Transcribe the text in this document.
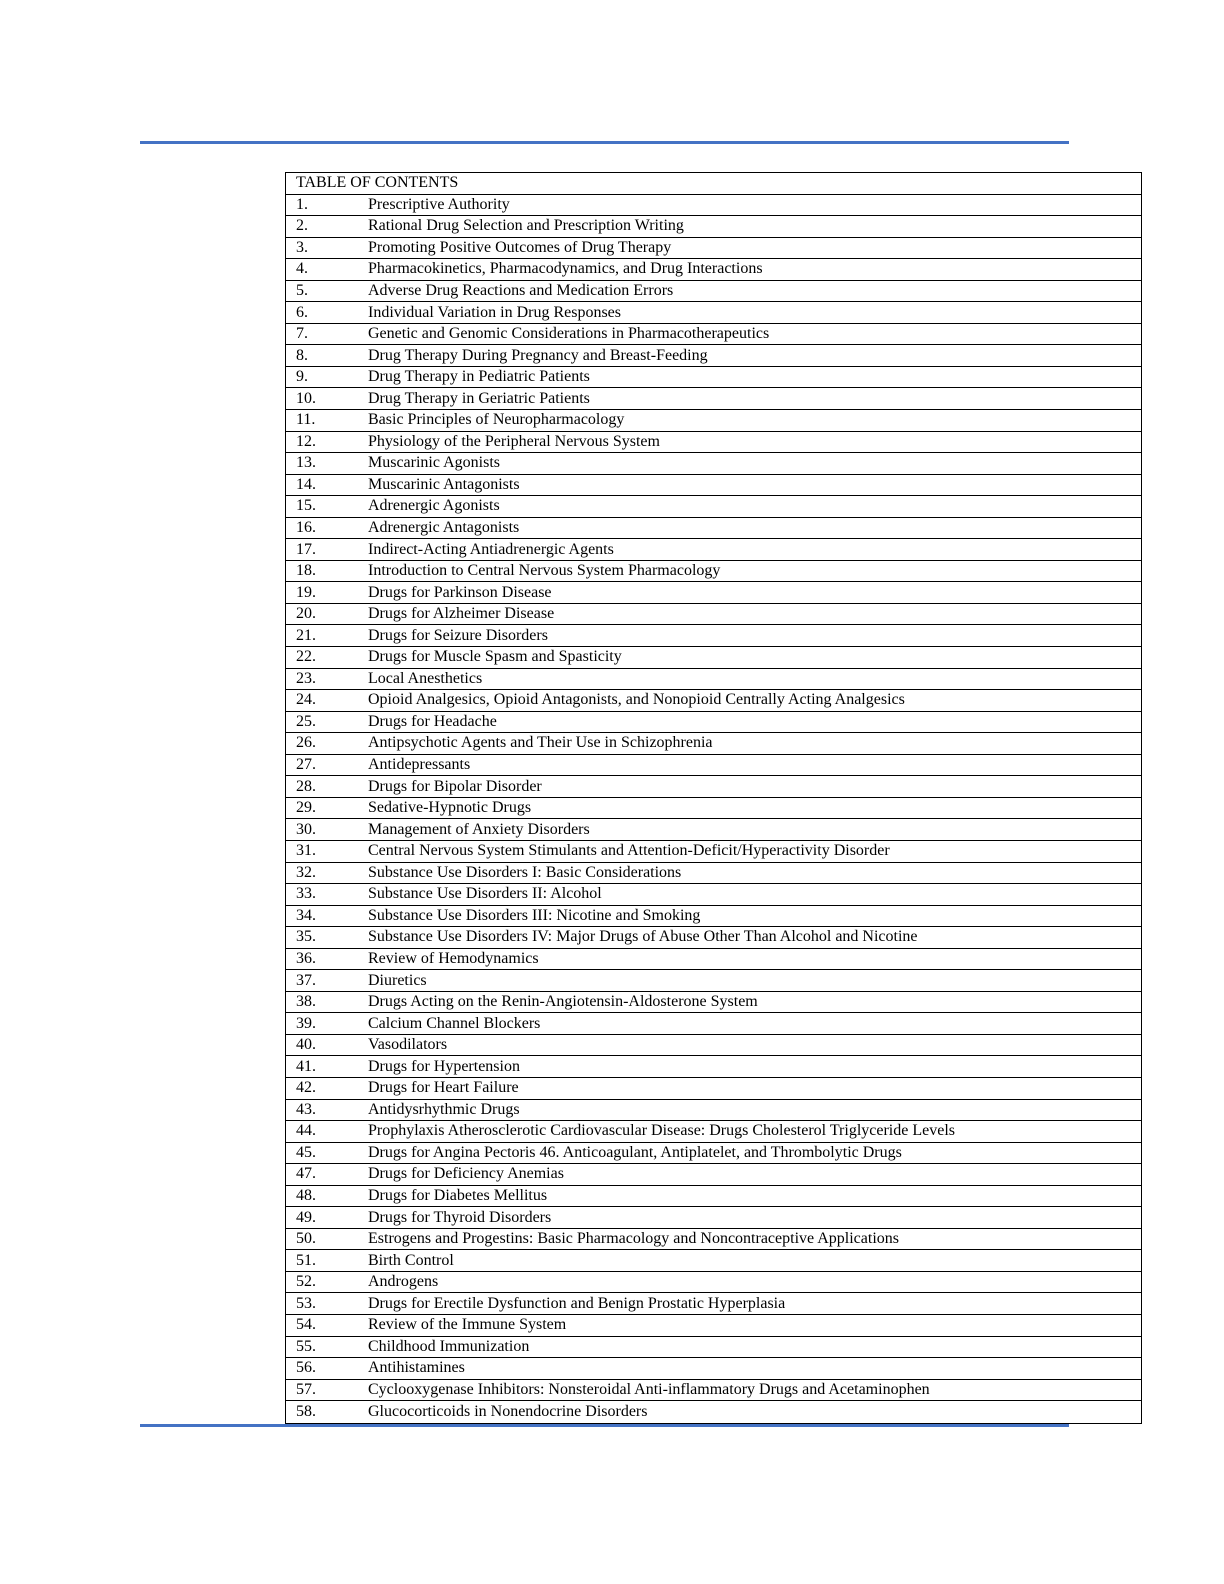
TABLE OF CONTENTS
1.	Prescriptive Authority
2.	Rational Drug Selection and Prescription Writing
3.	Promoting Positive Outcomes of Drug Therapy
4.	Pharmacokinetics, Pharmacodynamics, and Drug Interactions
5.	Adverse Drug Reactions and Medication Errors
6.	Individual Variation in Drug Responses
7.	Genetic and Genomic Considerations in Pharmacotherapeutics
8.	Drug Therapy During Pregnancy and Breast-Feeding
9.	Drug Therapy in Pediatric Patients
10.	Drug Therapy in Geriatric Patients
11.	Basic Principles of Neuropharmacology
12.	Physiology of the Peripheral Nervous System
13.	Muscarinic Agonists
14.	Muscarinic Antagonists
15.	Adrenergic Agonists
16.	Adrenergic Antagonists
17.	Indirect-Acting Antiadrenergic Agents
18.	Introduction to Central Nervous System Pharmacology
19.	Drugs for Parkinson Disease
20.	Drugs for Alzheimer Disease
21.	Drugs for Seizure Disorders
22.	Drugs for Muscle Spasm and Spasticity
23.	Local Anesthetics
24.	Opioid Analgesics, Opioid Antagonists, and Nonopioid Centrally Acting Analgesics
25.	Drugs for Headache
26.	Antipsychotic Agents and Their Use in Schizophrenia
27.	Antidepressants
28.	Drugs for Bipolar Disorder
29.	Sedative-Hypnotic Drugs
30.	Management of Anxiety Disorders
31.	Central Nervous System Stimulants and Attention-Deficit/Hyperactivity Disorder
32.	Substance Use Disorders I: Basic Considerations
33.	Substance Use Disorders II: Alcohol
34.	Substance Use Disorders III: Nicotine and Smoking
35.	Substance Use Disorders IV: Major Drugs of Abuse Other Than Alcohol and Nicotine
36.	Review of Hemodynamics
37.	Diuretics
38.	Drugs Acting on the Renin-Angiotensin-Aldosterone System
39.	Calcium Channel Blockers
40.	Vasodilators
41.	Drugs for Hypertension
42.	Drugs for Heart Failure
43.	Antidysrhythmic Drugs
44.	Prophylaxis Atherosclerotic Cardiovascular Disease: Drugs Cholesterol Triglyceride Levels
45.	Drugs for Angina Pectoris 46. Anticoagulant, Antiplatelet, and Thrombolytic Drugs
47.	Drugs for Deficiency Anemias
48.	Drugs for Diabetes Mellitus
49.	Drugs for Thyroid Disorders
50.	Estrogens and Progestins: Basic Pharmacology and Noncontraceptive Applications
51.	Birth Control
52.	Androgens
53.	Drugs for Erectile Dysfunction and Benign Prostatic Hyperplasia
54.	Review of the Immune System
55.	Childhood Immunization
56.	Antihistamines
57.	Cyclooxygenase Inhibitors: Nonsteroidal Anti-inflammatory Drugs and Acetaminophen
58.	Glucocorticoids in Nonendocrine Disorders
